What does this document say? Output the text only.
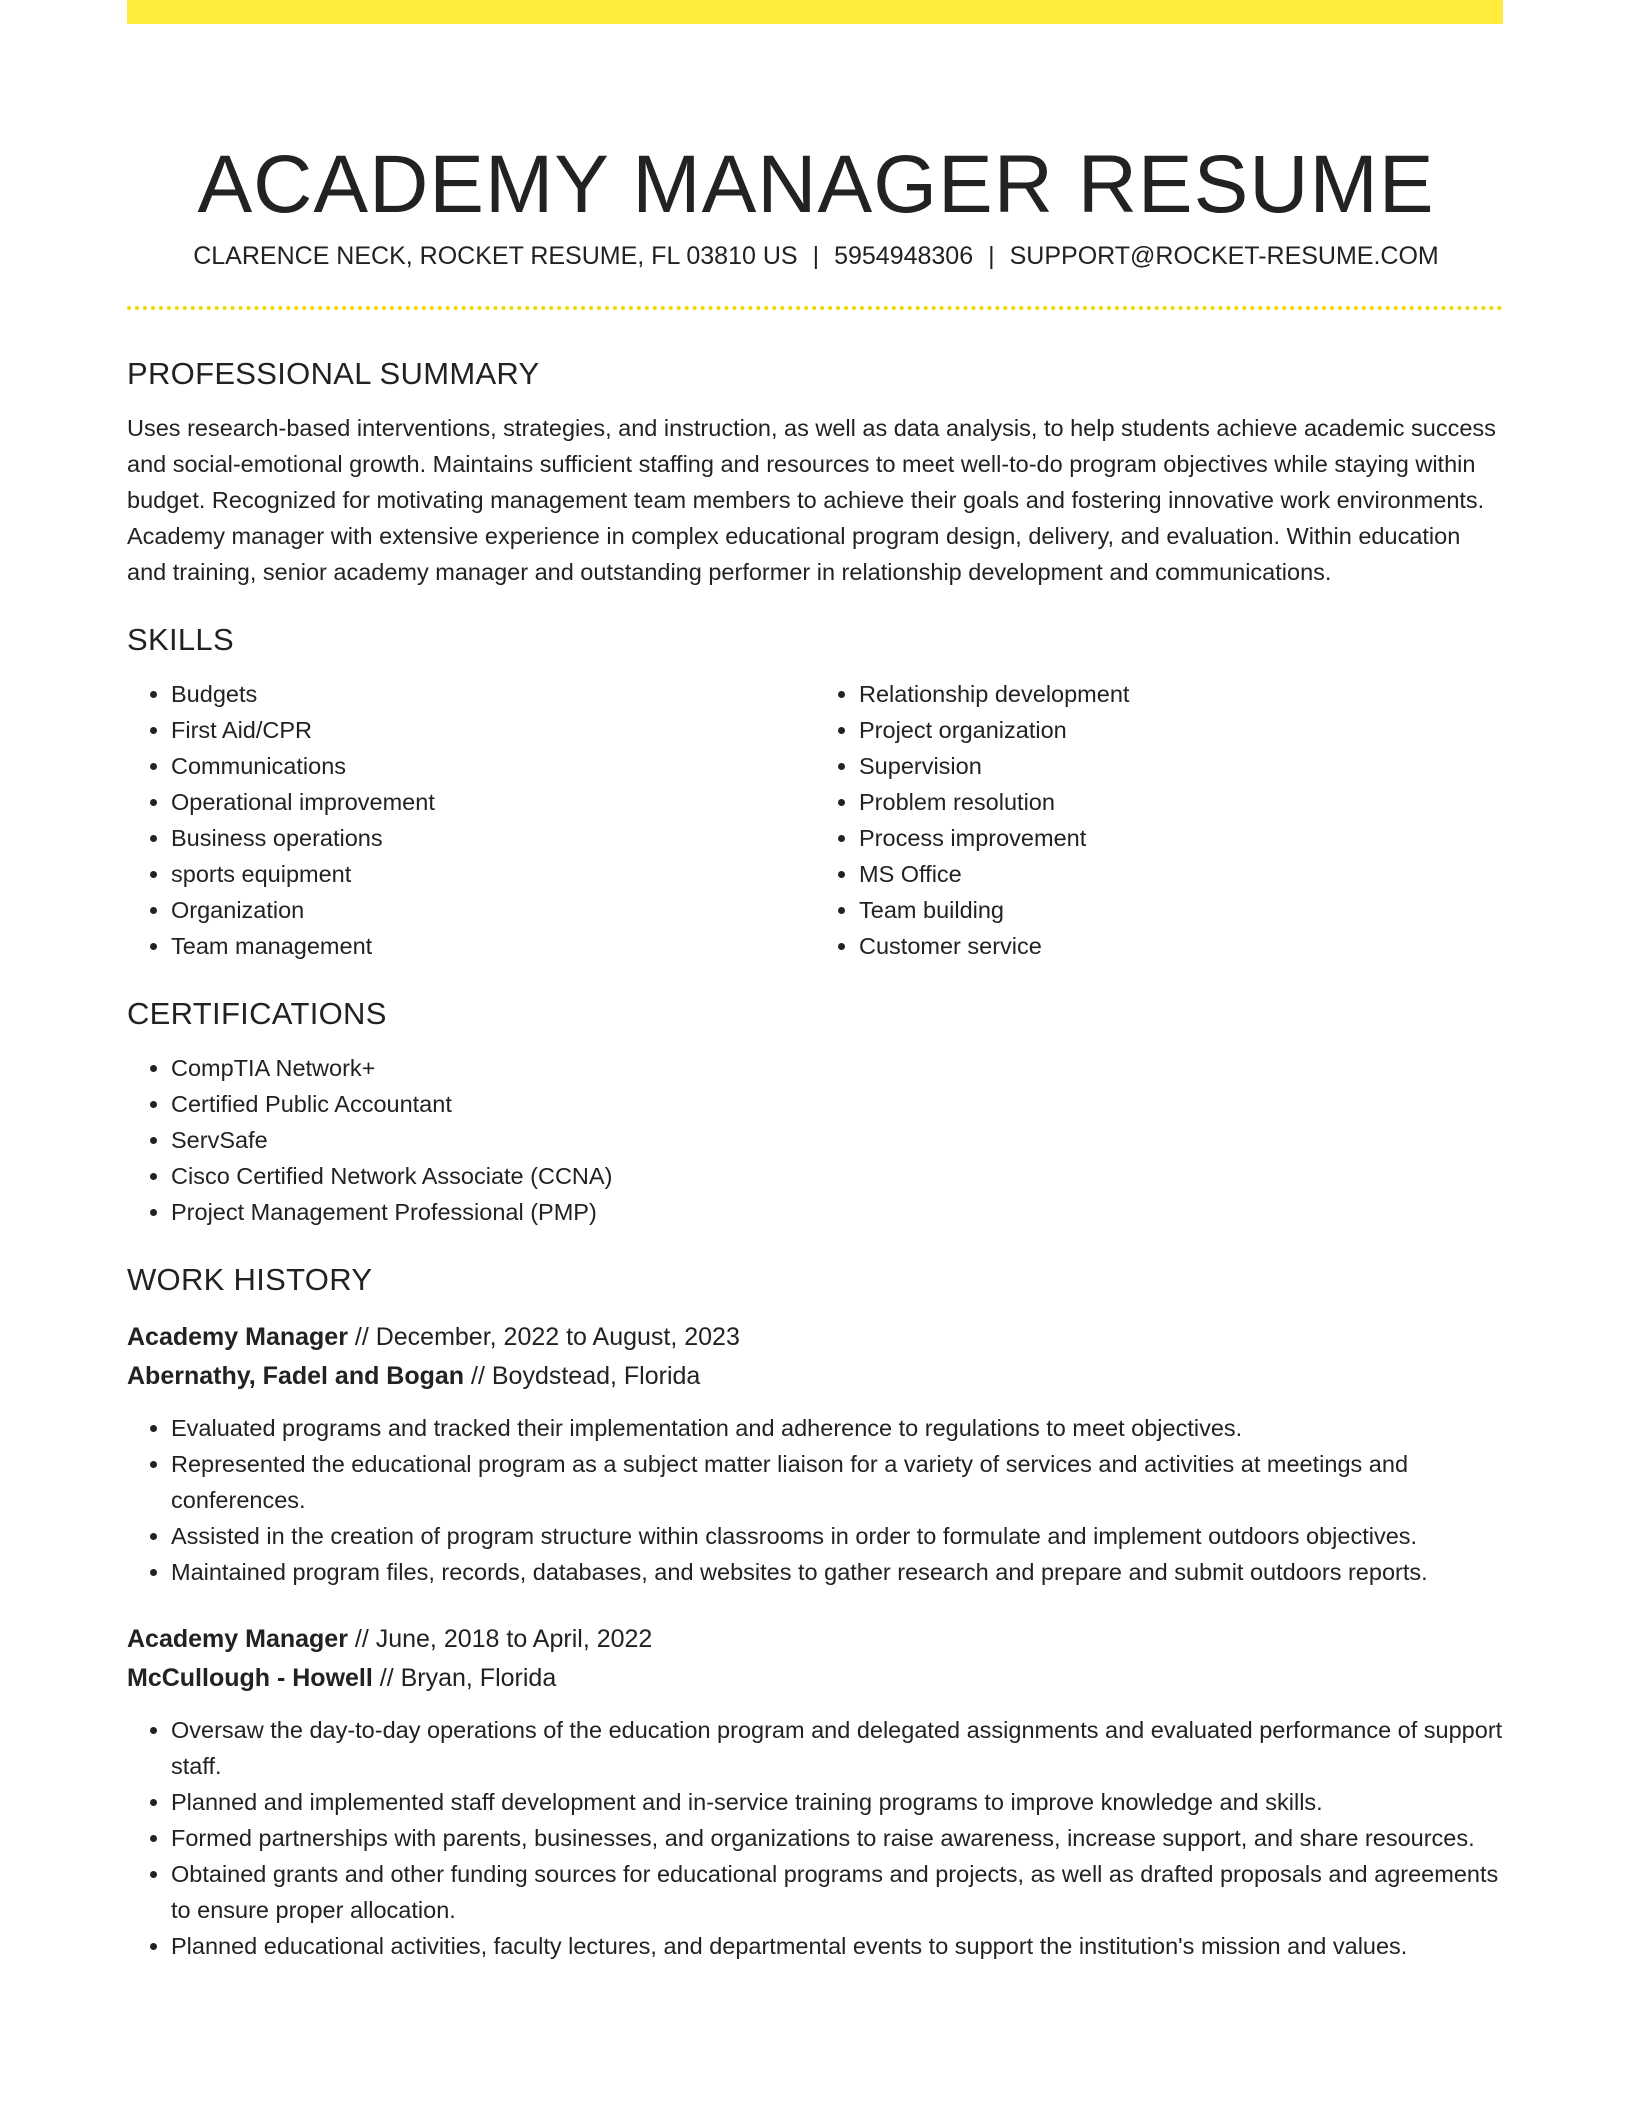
ACADEMY MANAGER RESUME
CLARENCE NECK, ROCKET RESUME, FL 03810 US | 5954948306 | SUPPORT@ROCKET-RESUME.COM
PROFESSIONAL SUMMARY

Uses research-based interventions, strategies, and instruction, as well as data analysis, to help students achieve academic success and social-emotional growth. Maintains sufficient staffing and resources to meet well-to-do program objectives while staying within budget. Recognized for motivating management team members to achieve their goals and fostering innovative work environments. Academy manager with extensive experience in complex educational program design, delivery, and evaluation. Within education and training, senior academy manager and outstanding performer in relationship development and communications.

SKILLS
• Budgets
• First Aid/CPR
• Communications
• Operational improvement
• Business operations
• sports equipment
• Organization
• Team management
• Relationship development
• Project organization
• Supervision
• Problem resolution
• Process improvement
• MS Office
• Team building
• Customer service
CERTIFICATIONS
• CompTIA Network+
• Certified Public Accountant
• ServSafe
• Cisco Certified Network Associate (CCNA)
• Project Management Professional (PMP)
WORK HISTORY

Academy Manager // December, 2022 to August, 2023

Abernathy, Fadel and Bogan // Boydstead, Florida

• Evaluated programs and tracked their implementation and adherence to regulations to meet objectives.
• Represented the educational program as a subject matter liaison for a variety of services and activities at meetings and conferences.
• Assisted in the creation of program structure within classrooms in order to formulate and implement outdoors objectives.
• Maintained program files, records, databases, and websites to gather research and prepare and submit outdoors reports.

Academy Manager // June, 2018 to April, 2022

McCullough - Howell // Bryan, Florida

• Oversaw the day-to-day operations of the education program and delegated assignments and evaluated performance of support staff.
• Planned and implemented staff development and in-service training programs to improve knowledge and skills.
• Formed partnerships with parents, businesses, and organizations to raise awareness, increase support, and share resources.
• Obtained grants and other funding sources for educational programs and projects, as well as drafted proposals and agreements to ensure proper allocation.
• Planned educational activities, faculty lectures, and departmental events to support the institution's mission and values.
